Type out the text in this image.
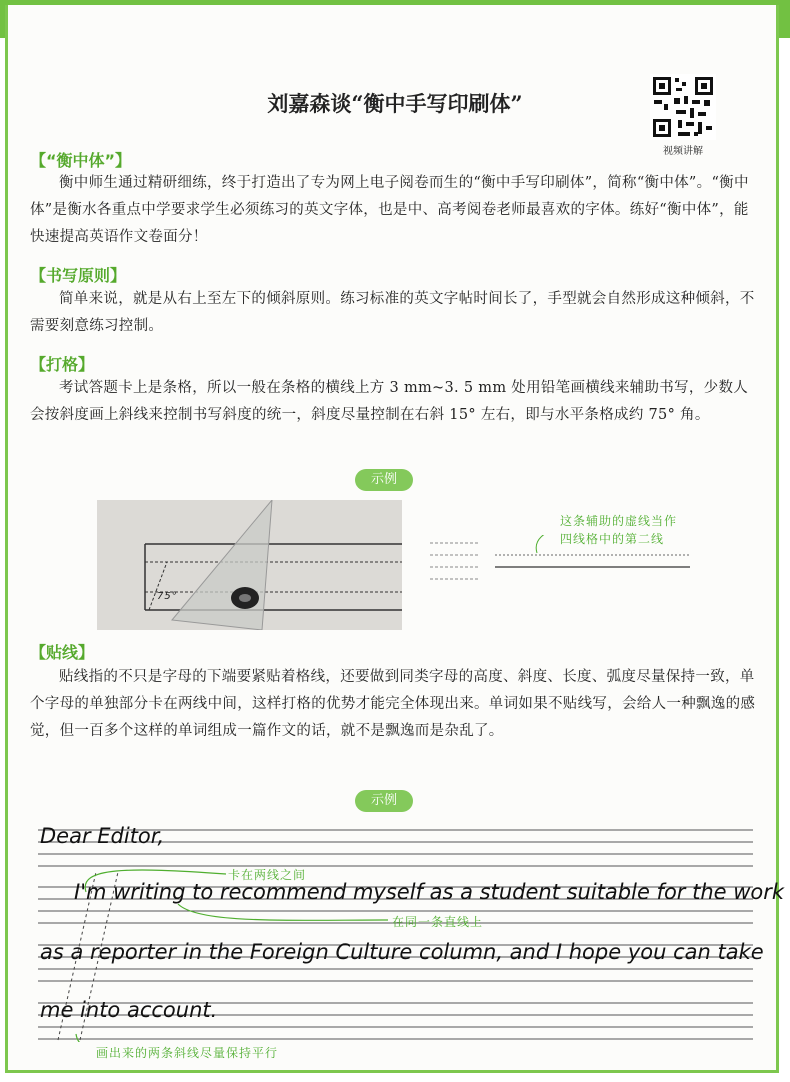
刘嘉森谈“衡中手写印刷体”
视频讲解
【“衡中体”】
衡中师生通过精研细练，终于打造出了专为网上电子阅卷而生的“衡中手写印刷体”，简称“衡中体”。“衡中体”是衡水各重点中学要求学生必须练习的英文字体，也是中、高考阅卷老师最喜欢的字体。练好“衡中体”，能快速提高英语作文卷面分！
【书写原则】
简单来说，就是从右上至左下的倾斜原则。练习标准的英文字帖时间长了，手型就会自然形成这种倾斜，不需要刻意练习控制。
【打格】
考试答题卡上是条格，所以一般在条格的横线上方 3 mm~3. 5 mm 处用铅笔画横线来辅助书写，少数人会按斜度画上斜线来控制书写斜度的统一，斜度尽量控制在右斜 15° 左右，即与水平条格成约 75° 角。
示例
75°
这条辅助的虚线当作
四线格中的第二线
【贴线】
贴线指的不只是字母的下端要紧贴着格线，还要做到同类字母的高度、斜度、长度、弧度尽量保持一致，单个字母的单独部分卡在两线中间，这样打格的优势才能完全体现出来。单词如果不贴线写，会给人一种飘逸的感觉，但一百多个这样的单词组成一篇作文的话，就不是飘逸而是杂乱了。
示例
Dear Editor,
I'm writing to recommend myself as a student suitable for the work
as a reporter in the Foreign Culture column, and I hope you can take
me into account.
卡在两线之间
在同一条直线上
画出来的两条斜线尽量保持平行
